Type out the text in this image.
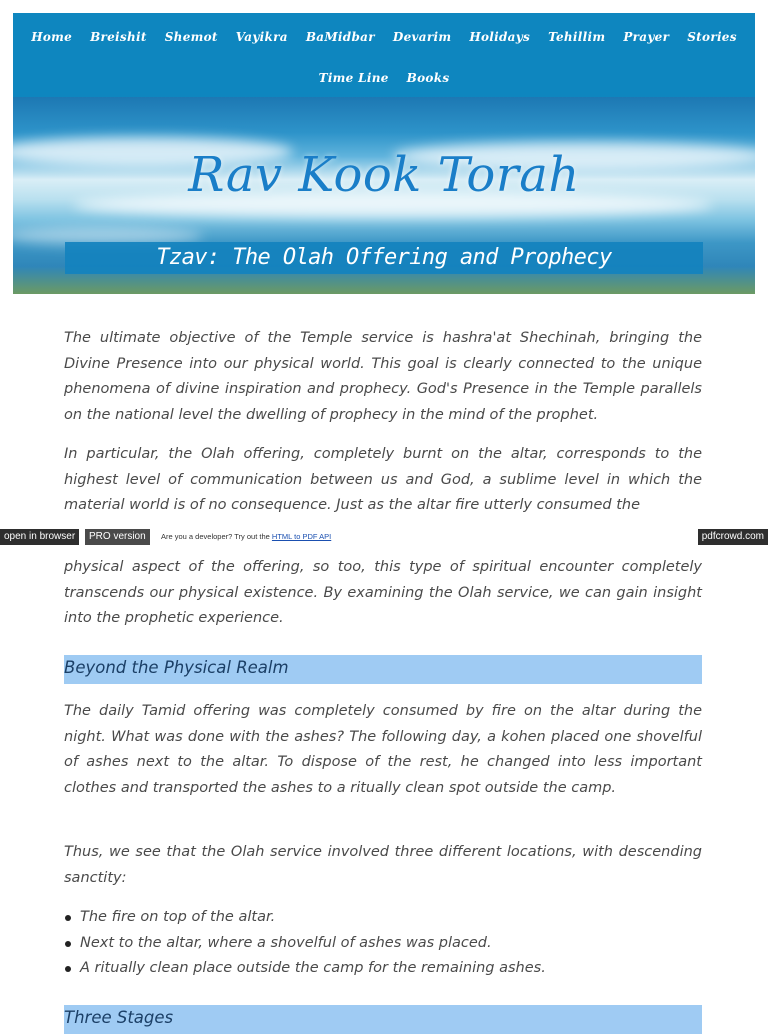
Home Breishit Shemot Vayikra BaMidbar Devarim Holidays Tehillim Prayer Stories
Time Line Books
Rav Kook Torah
Tzav: The Olah Offering and Prophecy

The ultimate objective of the Temple service is hashra'at Shechinah, bringing the Divine Presence into our physical world. This goal is clearly connected to the unique phenomena of divine inspiration and prophecy. God's Presence in the Temple parallels on the national level the dwelling of prophecy in the mind of the prophet.

In particular, the Olah offering, completely burnt on the altar, corresponds to the highest level of communication between us and God, a sublime level in which the material world is of no consequence. Just as the altar fire utterly consumed the

open in browser	PRO version	Are you a developer? Try out the HTML to PDF API	pdfcrowd.com

physical aspect of the offering, so too, this type of spiritual encounter completely transcends our physical existence. By examining the Olah service, we can gain insight into the prophetic experience.

Beyond the Physical Realm

The daily Tamid offering was completely consumed by fire on the altar during the night. What was done with the ashes? The following day, a kohen placed one shovelful of ashes next to the altar. To dispose of the rest, he changed into less important clothes and transported the ashes to a ritually clean spot outside the camp.

Thus, we see that the Olah service involved three different locations, with descending sanctity:

The fire on top of the altar.
Next to the altar, where a shovelful of ashes was placed.
A ritually clean place outside the camp for the remaining ashes.
Three Stages
